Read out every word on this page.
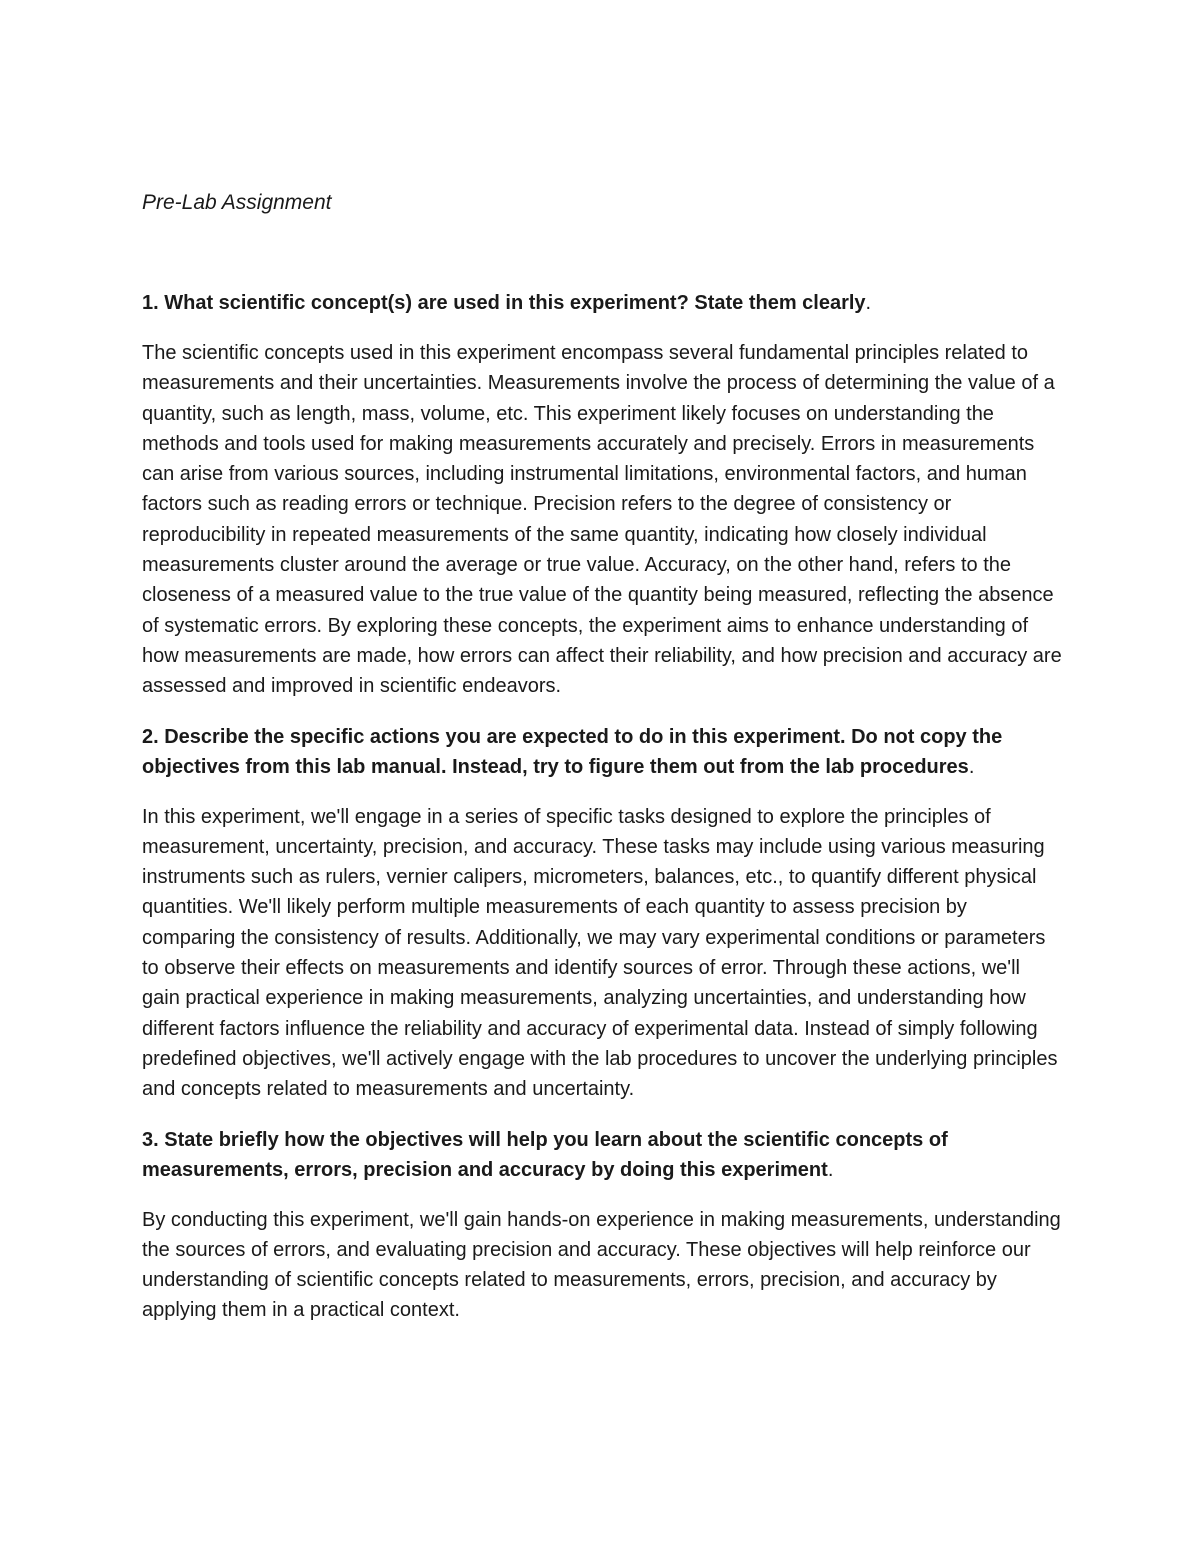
Pre-Lab Assignment

1. What scientific concept(s) are used in this experiment? State them clearly.

The scientific concepts used in this experiment encompass several fundamental principles related to measurements and their uncertainties. Measurements involve the process of determining the value of a quantity, such as length, mass, volume, etc. This experiment likely focuses on understanding the methods and tools used for making measurements accurately and precisely. Errors in measurements can arise from various sources, including instrumental limitations, environmental factors, and human factors such as reading errors or technique. Precision refers to the degree of consistency or reproducibility in repeated measurements of the same quantity, indicating how closely individual measurements cluster around the average or true value. Accuracy, on the other hand, refers to the closeness of a measured value to the true value of the quantity being measured, reflecting the absence of systematic errors. By exploring these concepts, the experiment aims to enhance understanding of how measurements are made, how errors can affect their reliability, and how precision and accuracy are assessed and improved in scientific endeavors.

2. Describe the specific actions you are expected to do in this experiment. Do not copy the objectives from this lab manual. Instead, try to figure them out from the lab procedures.

In this experiment, we'll engage in a series of specific tasks designed to explore the principles of measurement, uncertainty, precision, and accuracy. These tasks may include using various measuring instruments such as rulers, vernier calipers, micrometers, balances, etc., to quantify different physical quantities. We'll likely perform multiple measurements of each quantity to assess precision by comparing the consistency of results. Additionally, we may vary experimental conditions or parameters to observe their effects on measurements and identify sources of error. Through these actions, we'll gain practical experience in making measurements, analyzing uncertainties, and understanding how different factors influence the reliability and accuracy of experimental data. Instead of simply following predefined objectives, we'll actively engage with the lab procedures to uncover the underlying principles and concepts related to measurements and uncertainty.

3. State briefly how the objectives will help you learn about the scientific concepts of measurements, errors, precision and accuracy by doing this experiment.

By conducting this experiment, we'll gain hands-on experience in making measurements, understanding the sources of errors, and evaluating precision and accuracy. These objectives will help reinforce our understanding of scientific concepts related to measurements, errors, precision, and accuracy by applying them in a practical context.
